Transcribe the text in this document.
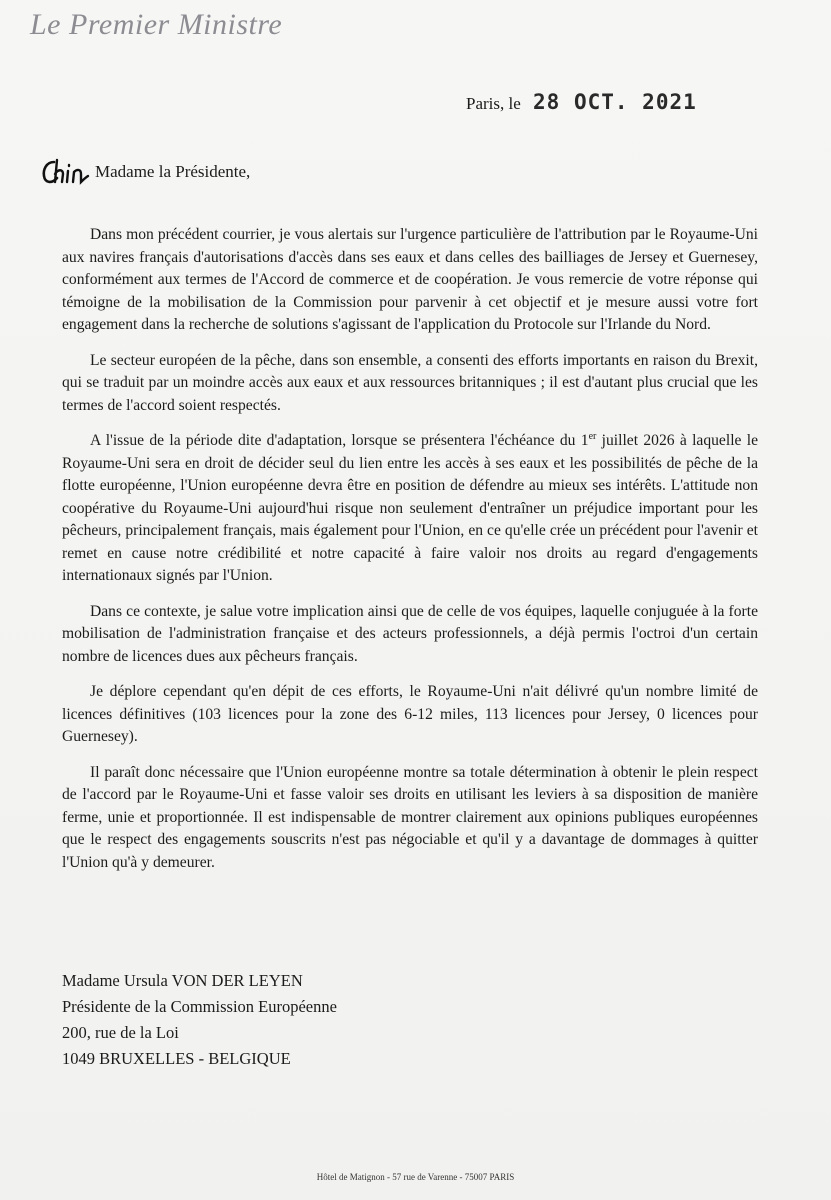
Le Premier Ministre
Paris, le 28 OCT. 2021
Madame la Présidente,

Dans mon précédent courrier, je vous alertais sur l'urgence particulière de l'attribution par le Royaume-Uni aux navires français d'autorisations d'accès dans ses eaux et dans celles des bailliages de Jersey et Guernesey, conformément aux termes de l'Accord de commerce et de coopération. Je vous remercie de votre réponse qui témoigne de la mobilisation de la Commission pour parvenir à cet objectif et je mesure aussi votre fort engagement dans la recherche de solutions s'agissant de l'application du Protocole sur l'Irlande du Nord.

Le secteur européen de la pêche, dans son ensemble, a consenti des efforts importants en raison du Brexit, qui se traduit par un moindre accès aux eaux et aux ressources britanniques ; il est d'autant plus crucial que les termes de l'accord soient respectés.

A l'issue de la période dite d'adaptation, lorsque se présentera l'échéance du 1er juillet 2026 à laquelle le Royaume-Uni sera en droit de décider seul du lien entre les accès à ses eaux et les possibilités de pêche de la flotte européenne, l'Union européenne devra être en position de défendre au mieux ses intérêts. L'attitude non coopérative du Royaume-Uni aujourd'hui risque non seulement d'entraîner un préjudice important pour les pêcheurs, principalement français, mais également pour l'Union, en ce qu'elle crée un précédent pour l'avenir et remet en cause notre crédibilité et notre capacité à faire valoir nos droits au regard d'engagements internationaux signés par l'Union.

Dans ce contexte, je salue votre implication ainsi que de celle de vos équipes, laquelle conjuguée à la forte mobilisation de l'administration française et des acteurs professionnels, a déjà permis l'octroi d'un certain nombre de licences dues aux pêcheurs français.

Je déplore cependant qu'en dépit de ces efforts, le Royaume-Uni n'ait délivré qu'un nombre limité de licences définitives (103 licences pour la zone des 6-12 miles, 113 licences pour Jersey, 0 licences pour Guernesey).

Il paraît donc nécessaire que l'Union européenne montre sa totale détermination à obtenir le plein respect de l'accord par le Royaume-Uni et fasse valoir ses droits en utilisant les leviers à sa disposition de manière ferme, unie et proportionnée. Il est indispensable de montrer clairement aux opinions publiques européennes que le respect des engagements souscrits n'est pas négociable et qu'il y a davantage de dommages à quitter l'Union qu'à y demeurer.

Madame Ursula VON DER LEYEN
Présidente de la Commission Européenne
200, rue de la Loi
1049 BRUXELLES - BELGIQUE
Hôtel de Matignon - 57 rue de Varenne - 75007 PARIS
